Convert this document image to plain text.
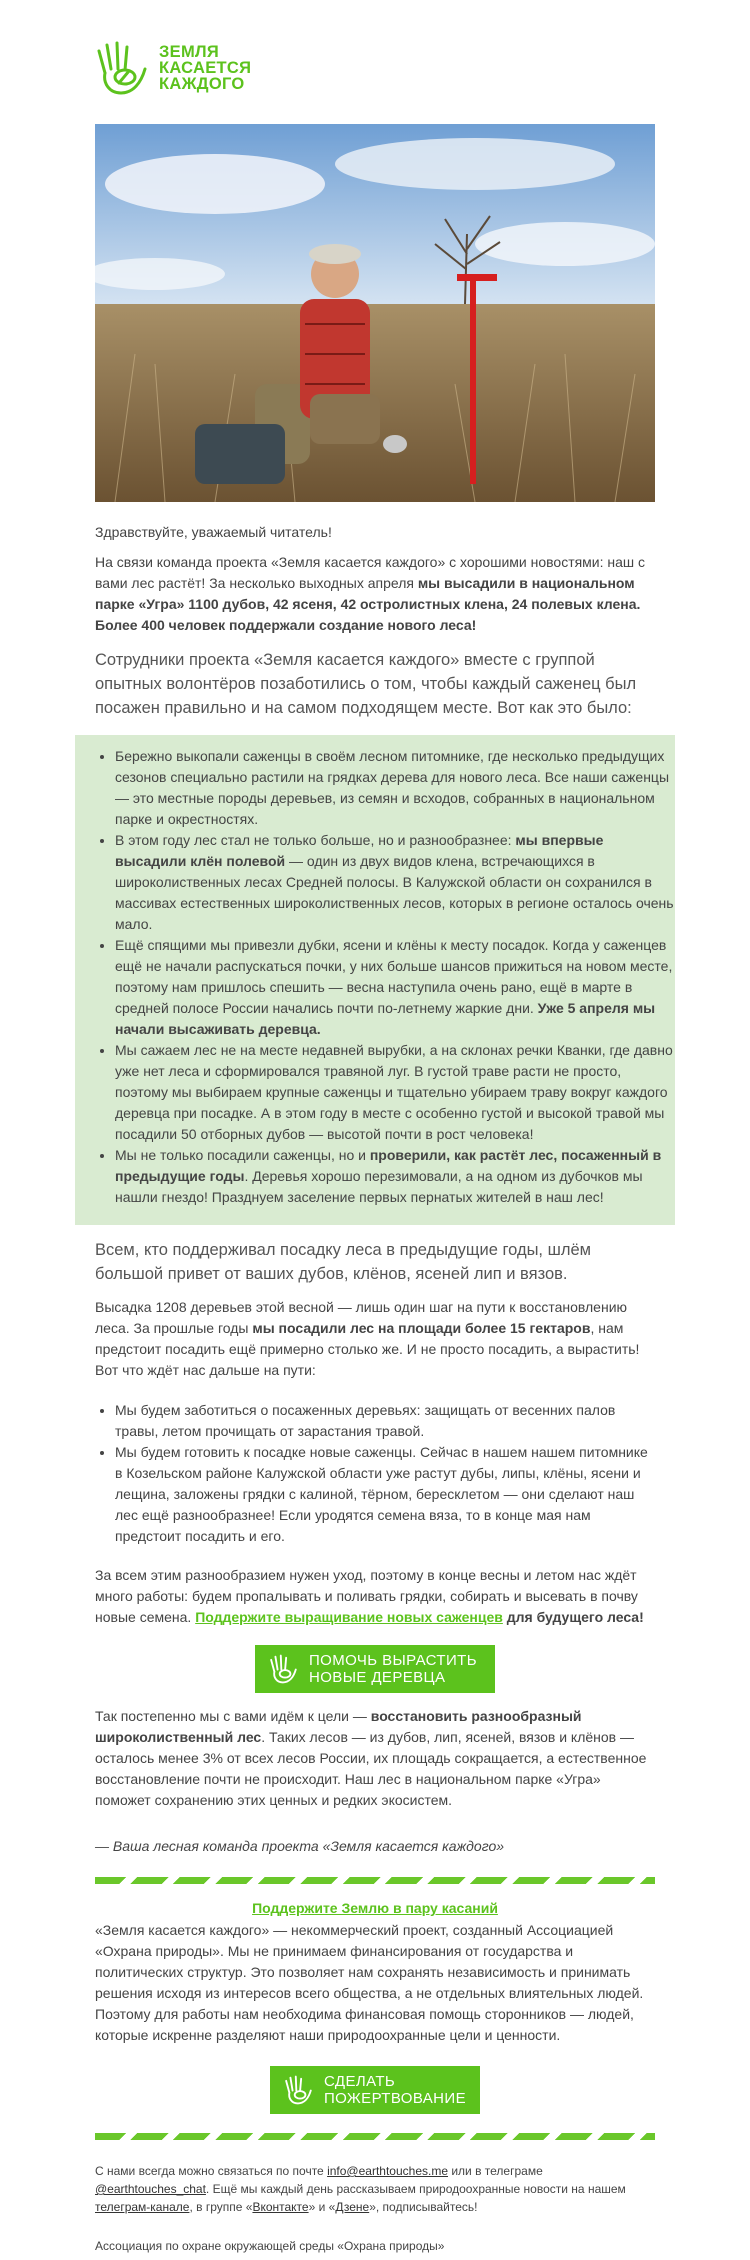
ЗЕМЛЯ
КАСАЕТСЯ
КАЖДОГО

Здравствуйте, уважаемый читатель!

На связи команда проекта «Земля касается каждого» с хорошими новостями: наш с вами лес растёт! За несколько выходных апреля мы высадили в национальном парке «Угра» 1100 дубов, 42 ясеня, 42 остролистных клена, 24 полевых клена. Более 400 человек поддержали создание нового леса!

Сотрудники проекта «Земля касается каждого» вместе с группой опытных волонтёров позаботились о том, чтобы каждый саженец был посажен правильно и на самом подходящем месте. Вот как это было:

• Бережно выкопали саженцы в своём лесном питомнике, где несколько предыдущих сезонов специально растили на грядках дерева для нового леса. Все наши саженцы — это местные породы деревьев, из семян и всходов, собранных в национальном парке и окрестностях.
• В этом году лес стал не только больше, но и разнообразнее: мы впервые высадили клён полевой — один из двух видов клена, встречающихся в широколиственных лесах Средней полосы. В Калужской области он сохранился в массивах естественных широколиственных лесов, которых в регионе осталось очень мало.
• Ещё спящими мы привезли дубки, ясени и клёны к месту посадок. Когда у саженцев ещё не начали распускаться почки, у них больше шансов прижиться на новом месте, поэтому нам пришлось спешить — весна наступила очень рано, ещё в марте в средней полосе России начались почти по-летнему жаркие дни. Уже 5 апреля мы начали высаживать деревца.
• Мы сажаем лес не на месте недавней вырубки, а на склонах речки Кванки, где давно уже нет леса и сформировался травяной луг. В густой траве расти не просто, поэтому мы выбираем крупные саженцы и тщательно убираем траву вокруг каждого деревца при посадке. А в этом году в месте с особенно густой и высокой травой мы посадили 50 отборных дубов — высотой почти в рост человека!
• Мы не только посадили саженцы, но и проверили, как растёт лес, посаженный в предыдущие годы. Деревья хорошо перезимовали, а на одном из дубочков мы нашли гнездо! Празднуем заселение первых пернатых жителей в наш лес!

Всем, кто поддерживал посадку леса в предыдущие годы, шлём большой привет от ваших дубов, клёнов, ясеней лип и вязов.

Высадка 1208 деревьев этой весной — лишь один шаг на пути к восстановлению леса. За прошлые годы мы посадили лес на площади более 15 гектаров, нам предстоит посадить ещё примерно столько же. И не просто посадить, а вырастить! Вот что ждёт нас дальше на пути:

• Мы будем заботиться о посаженных деревьях: защищать от весенних палов травы, летом прочищать от зарастания травой.
• Мы будем готовить к посадке новые саженцы. Сейчас в нашем нашем питомнике в Козельском районе Калужской области уже растут дубы, липы, клёны, ясени и лещина, заложены грядки с калиной, тёрном, бересклетом — они сделают наш лес ещё разнообразнее! Если уродятся семена вяза, то в конце мая нам предстоит посадить и его.

За всем этим разнообразием нужен уход, поэтому в конце весны и летом нас ждёт много работы: будем пропалывать и поливать грядки, собирать и высевать в почву новые семена. Поддержите выращивание новых саженцев для будущего леса!

ПОМОЧЬ ВЫРАСТИТЬ
НОВЫЕ ДЕРЕВЦА

Так постепенно мы с вами идём к цели — восстановить разнообразный широколиственный лес. Таких лесов — из дубов, лип, ясеней, вязов и клёнов — осталось менее 3% от всех лесов России, их площадь сокращается, а естественное восстановление почти не происходит. Наш лес в национальном парке «Угра» поможет сохранению этих ценных и редких экосистем.

— Ваша лесная команда проекта «Земля касается каждого»

Поддержите Землю в пару касаний

«Земля касается каждого» — некоммерческий проект, созданный Ассоциацией «Охрана природы». Мы не принимаем финансирования от государства и политических структур. Это позволяет нам сохранять независимость и принимать решения исходя из интересов всего общества, а не отдельных влиятельных людей. Поэтому для работы нам необходима финансовая помощь сторонников — людей, которые искренне разделяют наши природоохранные цели и ценности.

СДЕЛАТЬ
ПОЖЕРТВОВАНИЕ
С нами всегда можно связаться по почте info@earthtouches.me или в телеграме @earthtouches_chat. Ещё мы каждый день рассказываем природоохранные новости на нашем телеграм-канале, в группе «Вконтакте» и «Дзене», подписывайтесь!
Ассоциация по охране окружающей среды «Охрана природы»
